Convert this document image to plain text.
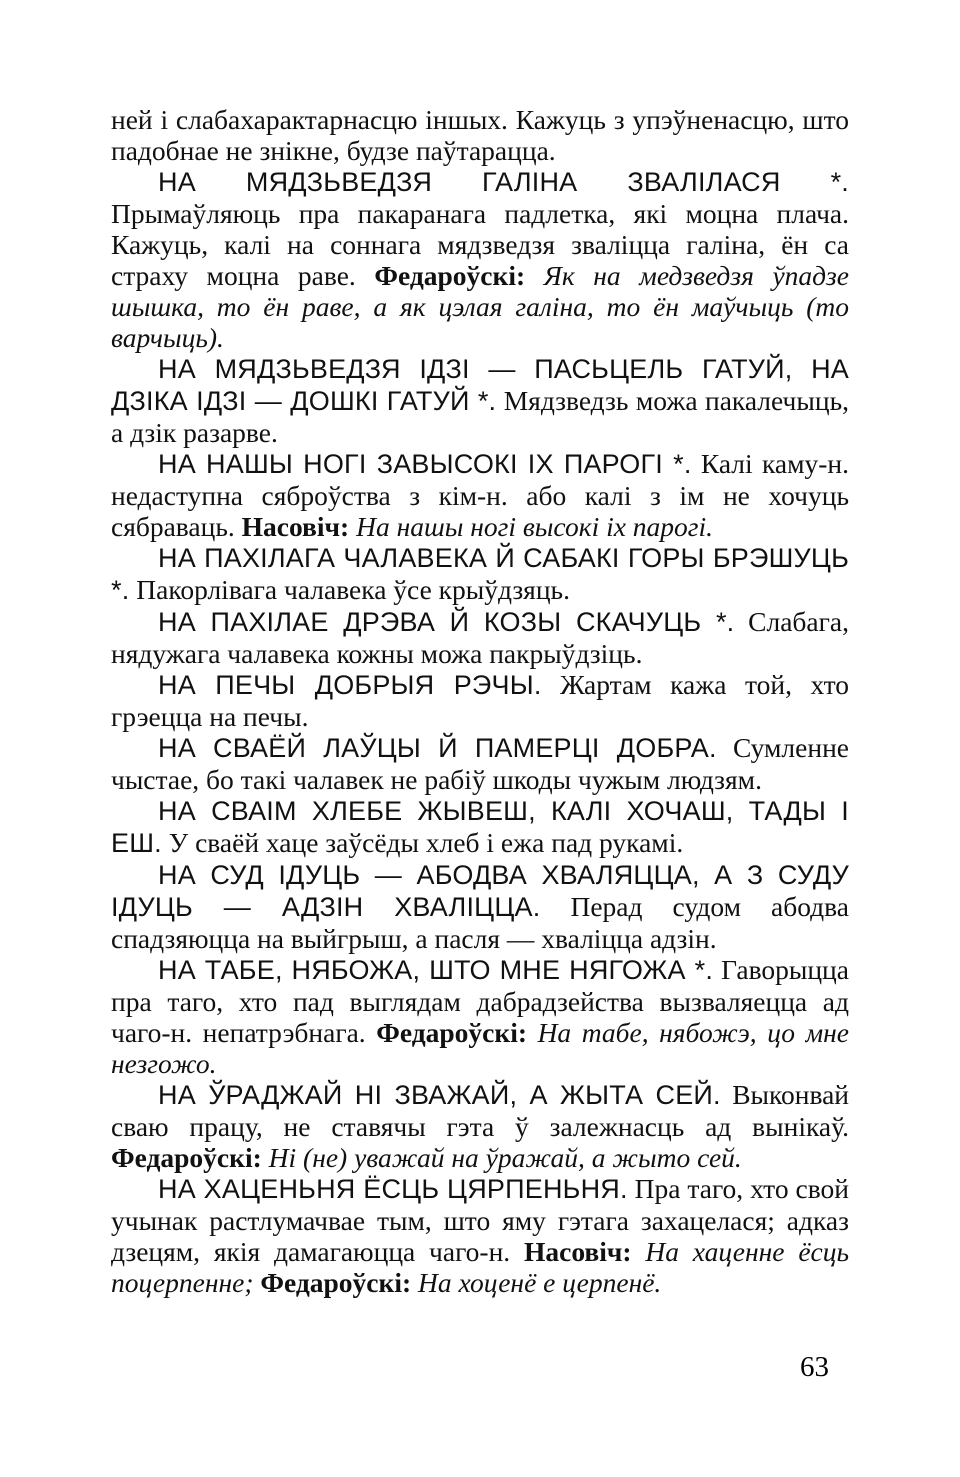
ней і слабахарактарнасцю іншых. Кажуць з упэўненасцю, што падобнае не знікне, будзе паўтарацца.

НА МЯДЗЬВЕДЗЯ ГАЛІНА ЗВАЛІЛАСЯ *. Прымаўляюць пра пакаранага падлетка, які моцна плача. Кажуць, калі на соннага мядзведзя зваліцца галіна, ён са страху моцна раве. Федароўскі: Як на медзведзя ўпадзе шышка, то ён раве, а як цэлая галіна, то ён маўчыць (то варчыць).

НА МЯДЗЬВЕДЗЯ ІДЗІ — ПАСЬЦЕЛЬ ГАТУЙ, НА ДЗІКА ІДЗІ — ДОШКІ ГАТУЙ *. Мядзведзь можа пакалечыць, а дзік разарве.

НА НАШЫ НОГІ ЗАВЫСОКІ ІХ ПАРОГІ *. Калі каму-н. недаступна сяброўства з кім-н. або калі з ім не хочуць сябраваць. Насовіч: На нашы ногі высокі іх парогі.

НА ПАХІЛАГА ЧАЛАВЕКА Й САБАКІ ГОРЫ БРЭШУЦЬ *. Пакорлівага чалавека ўсе крыўдзяць.

НА ПАХІЛАЕ ДРЭВА Й КОЗЫ СКАЧУЦЬ *. Слабага, нядужага чалавека кожны можа пакрыўдзіць.

НА ПЕЧЫ ДОБРЫЯ РЭЧЫ. Жартам кажа той, хто грэецца на печы.

НА СВАЁЙ ЛАЎЦЫ Й ПАМЕРЦІ ДОБРА. Сумленне чыстае, бо такі чалавек не рабіў шкоды чужым людзям.

НА СВАІМ ХЛЕБЕ ЖЫВЕШ, КАЛІ ХОЧАШ, ТАДЫ І ЕШ. У сваёй хаце заўсёды хлеб і ежа пад рукамі.

НА СУД ІДУЦЬ — АБОДВА ХВАЛЯЦЦА, А З СУДУ ІДУЦЬ — АДЗІН ХВАЛІЦЦА. Перад судом абодва спадзяюцца на выйгрыш, а пасля — хваліцца адзін.

НА ТАБЕ, НЯБОЖА, ШТО МНЕ НЯГОЖА *. Гаворыцца пра таго, хто пад выглядам дабрадзейства вызваляецца ад чаго-н. непатрэбнага. Федароўскі: На табе, нябожэ, цо мне незгожо.

НА ЎРАДЖАЙ НІ ЗВАЖАЙ, А ЖЫТА СЕЙ. Выконвай сваю працу, не ставячы гэта ў залежнасць ад вынікаў. Федароўскі: Ні (не) уважай на ўражай, а жыто сей.

НА ХАЦЕНЬНЯ ЁСЦЬ ЦЯРПЕНЬНЯ. Пра таго, хто свой учынак растлумачвае тым, што яму гэтага захацелася; адказ дзецям, якія дамагаюцца чаго-н. Насовіч: На хаценне ёсць поцерпенне; Федароўскі: На хоценё е церпенё.

63
